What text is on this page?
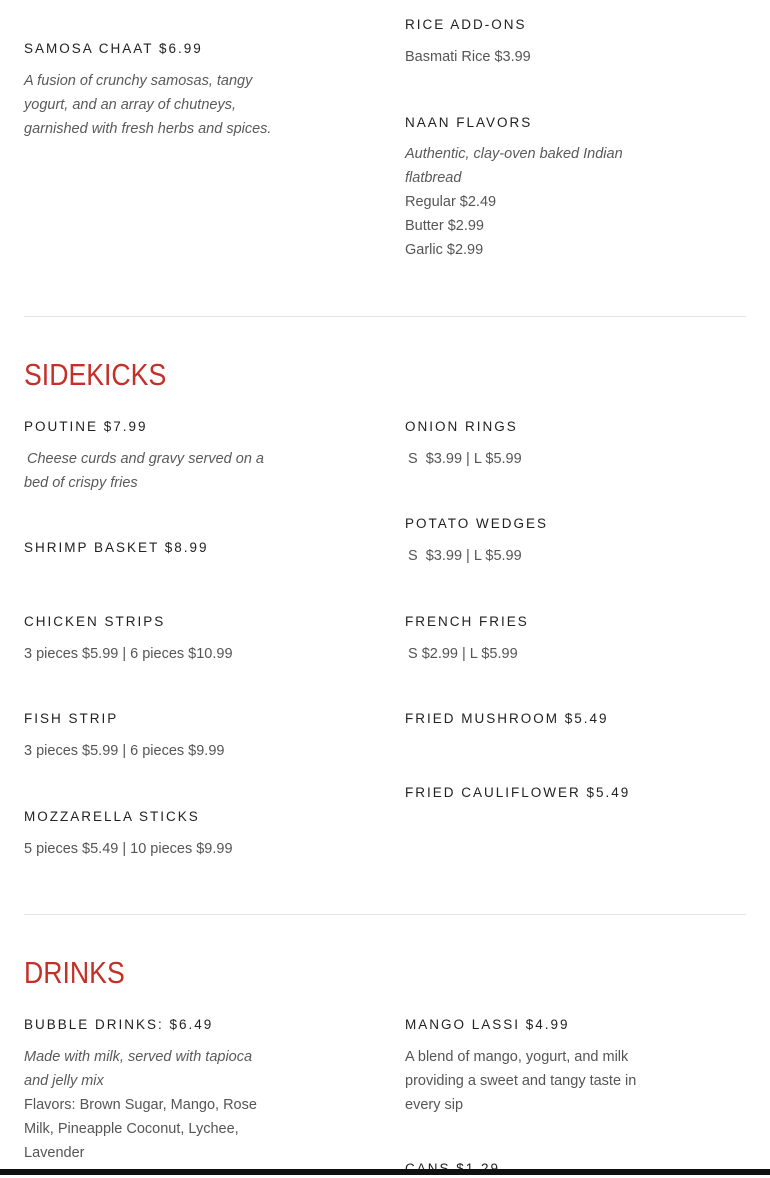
SAMOSA CHAAT $6.99
A fusion of crunchy samosas, tangy yogurt, and an array of chutneys, garnished with fresh herbs and spices.
RICE ADD-ONS
Basmati Rice $3.99
NAAN FLAVORS
Authentic, clay-oven baked Indian flatbread
Regular $2.49
Butter $2.99
Garlic $2.99
SIDEKICKS
POUTINE $7.99
Cheese curds and gravy served on a bed of crispy fries
ONION RINGS
S  $3.99 | L $5.99
POTATO WEDGES
S  $3.99 | L $5.99
SHRIMP BASKET $8.99
CHICKEN STRIPS
3 pieces $5.99 | 6 pieces $10.99
FRENCH FRIES
S $2.99 | L $5.99
FISH STRIP
3 pieces $5.99 | 6 pieces $9.99
FRIED MUSHROOM $5.49
FRIED CAULIFLOWER $5.49
MOZZARELLA STICKS
5 pieces $5.49 | 10 pieces $9.99
DRINKS
BUBBLE DRINKS: $6.49
Made with milk, served with tapioca and jelly mix
Flavors: Brown Sugar, Mango, Rose Milk, Pineapple Coconut, Lychee, Lavender
MANGO LASSI $4.99
A blend of mango, yogurt, and milk providing a sweet and tangy taste in every sip
